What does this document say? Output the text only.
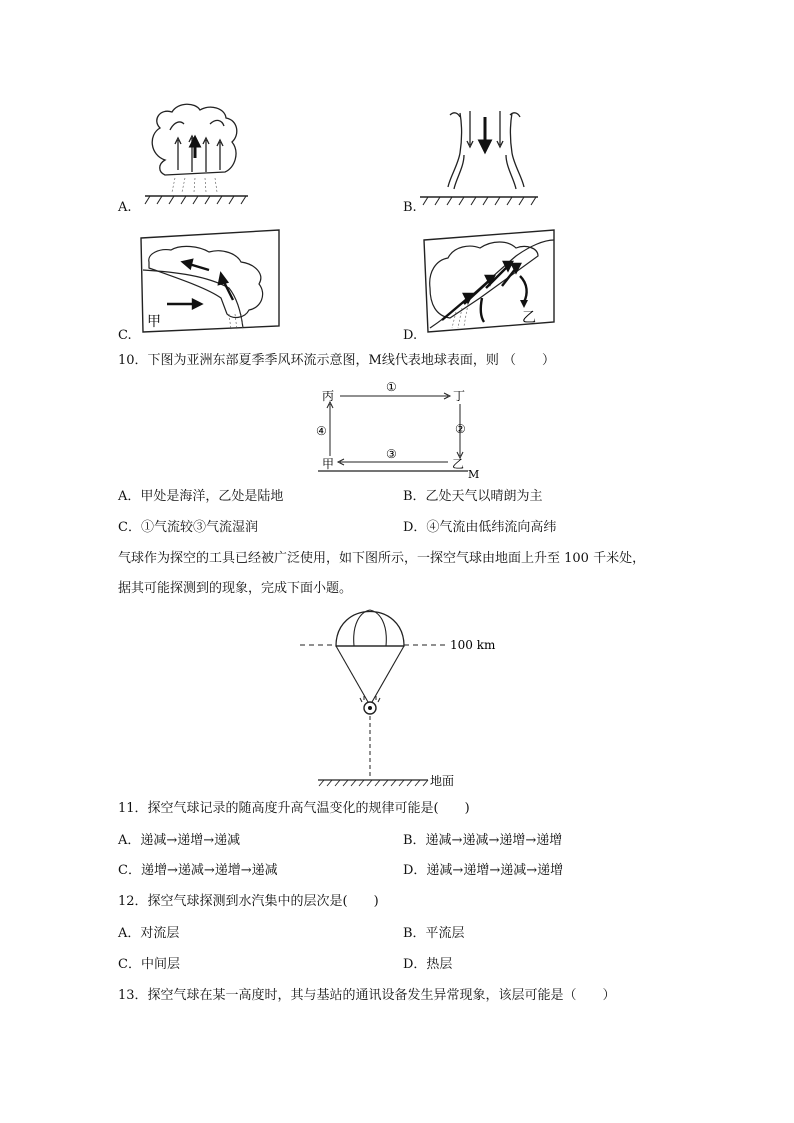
A.	B.
甲
C.
乙
D.
10．下图为亚洲东部夏季季风环流示意图，M线代表地球表面，则 （　　）
丙	丁
甲	乙
M
①
②
③
④
A．甲处是海洋，乙处是陆地	B．乙处天气以晴朗为主
C．①气流较③气流湿润	D．④气流由低纬流向高纬
气球作为探空的工具已经被广泛使用，如下图所示，一探空气球由地面上升至 100 千米处，
据其可能探测到的现象，完成下面小题。
100 km
地面
11．探空气球记录的随高度升高气温变化的规律可能是(　　)
A．递减→递增→递减	B．递减→递减→递增→递增
C．递增→递减→递增→递减	D．递减→递增→递减→递增
12．探空气球探测到水汽集中的层次是(　　)
A．对流层	B．平流层
C．中间层	D．热层
13．探空气球在某一高度时，其与基站的通讯设备发生异常现象，该层可能是（　　）
